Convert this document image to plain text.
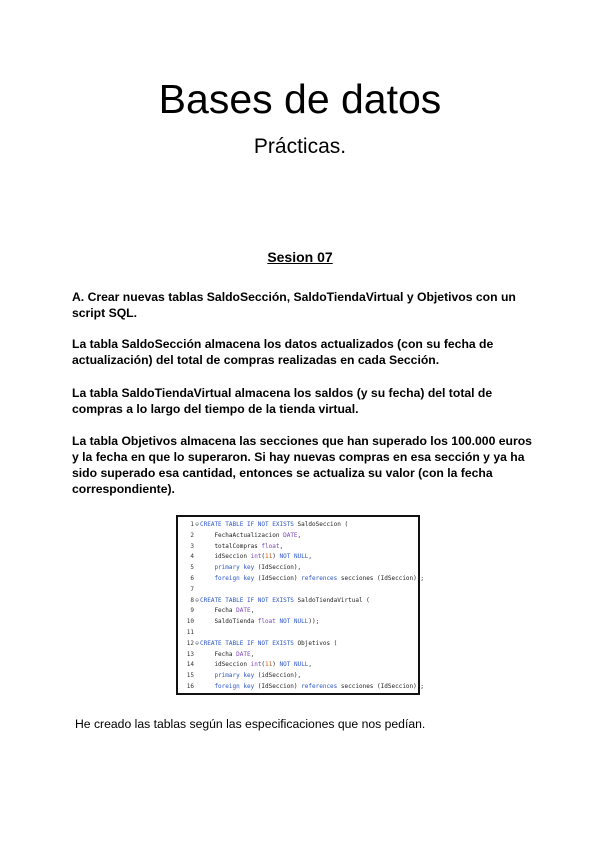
Bases de datos
Prácticas.
Sesion 07

A. Crear nuevas tablas SaldoSección, SaldoTiendaVirtual y Objetivos con un script SQL.

La tabla SaldoSección almacena los datos actualizados (con su fecha de actualización) del total de compras realizadas en cada Sección.

La tabla SaldoTiendaVirtual almacena los saldos (y su fecha) del total de compras a lo largo del tiempo de la tienda virtual.

La tabla Objetivos almacena las secciones que han superado los 100.000 euros y la fecha en que lo superaron. Si hay nuevas compras en esa sección y ya ha sido superado esa cantidad, entonces se actualiza su valor (con la fecha correspondiente).

1 ⊖ CREATE TABLE IF NOT EXISTS SaldoSeccion (
2 FechaActualizacion DATE,
3 totalCompras float,
4 idSeccion int(11) NOT NULL,
5 primary key (IdSeccion),
6 foreign key (IdSeccion) references secciones (IdSeccion));
7
8 ⊖ CREATE TABLE IF NOT EXISTS SaldoTiendaVirtual (
9 Fecha DATE,
10 SaldoTienda float NOT NULL));
11
12 ⊖ CREATE TABLE IF NOT EXISTS Objetivos (
13 Fecha DATE,
14 idSeccion int(11) NOT NULL,
15 primary key (idSeccion),
16 foreign key (IdSeccion) references secciones (IdSeccion));

He creado las tablas según las especificaciones que nos pedían.
